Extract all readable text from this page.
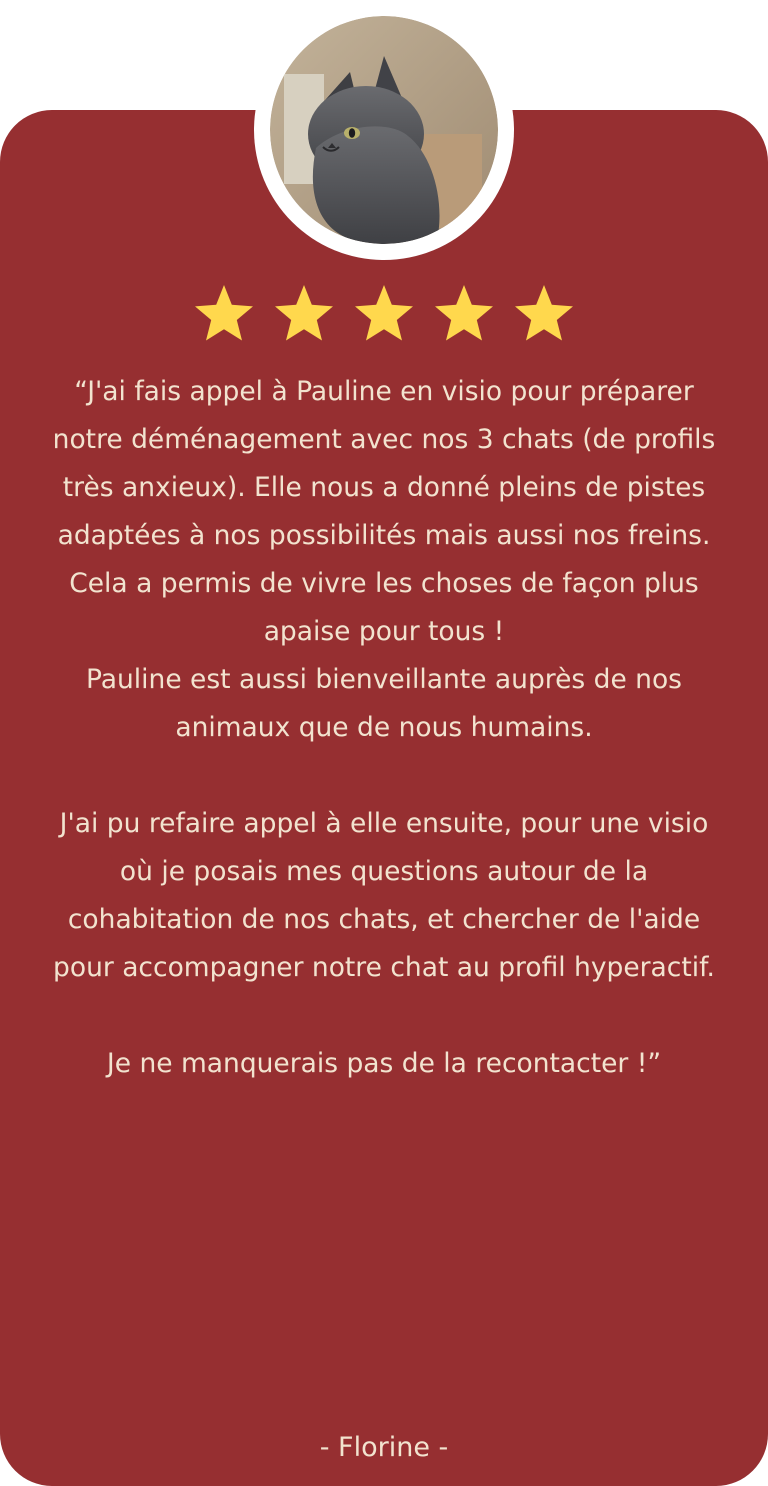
“J'ai fais appel à Pauline en visio pour préparer notre déménagement avec nos 3 chats (de profils très anxieux). Elle nous a donné pleins de pistes adaptées à nos possibilités mais aussi nos freins. Cela a permis de vivre les choses de façon plus apaise pour tous !

Pauline est aussi bienveillante auprès de nos animaux que de nous humains.

J'ai pu refaire appel à elle ensuite, pour une visio où je posais mes questions autour de la cohabitation de nos chats, et chercher de l'aide pour accompagner notre chat au profil hyperactif.

Je ne manquerais pas de la recontacter !”

- Florine -
